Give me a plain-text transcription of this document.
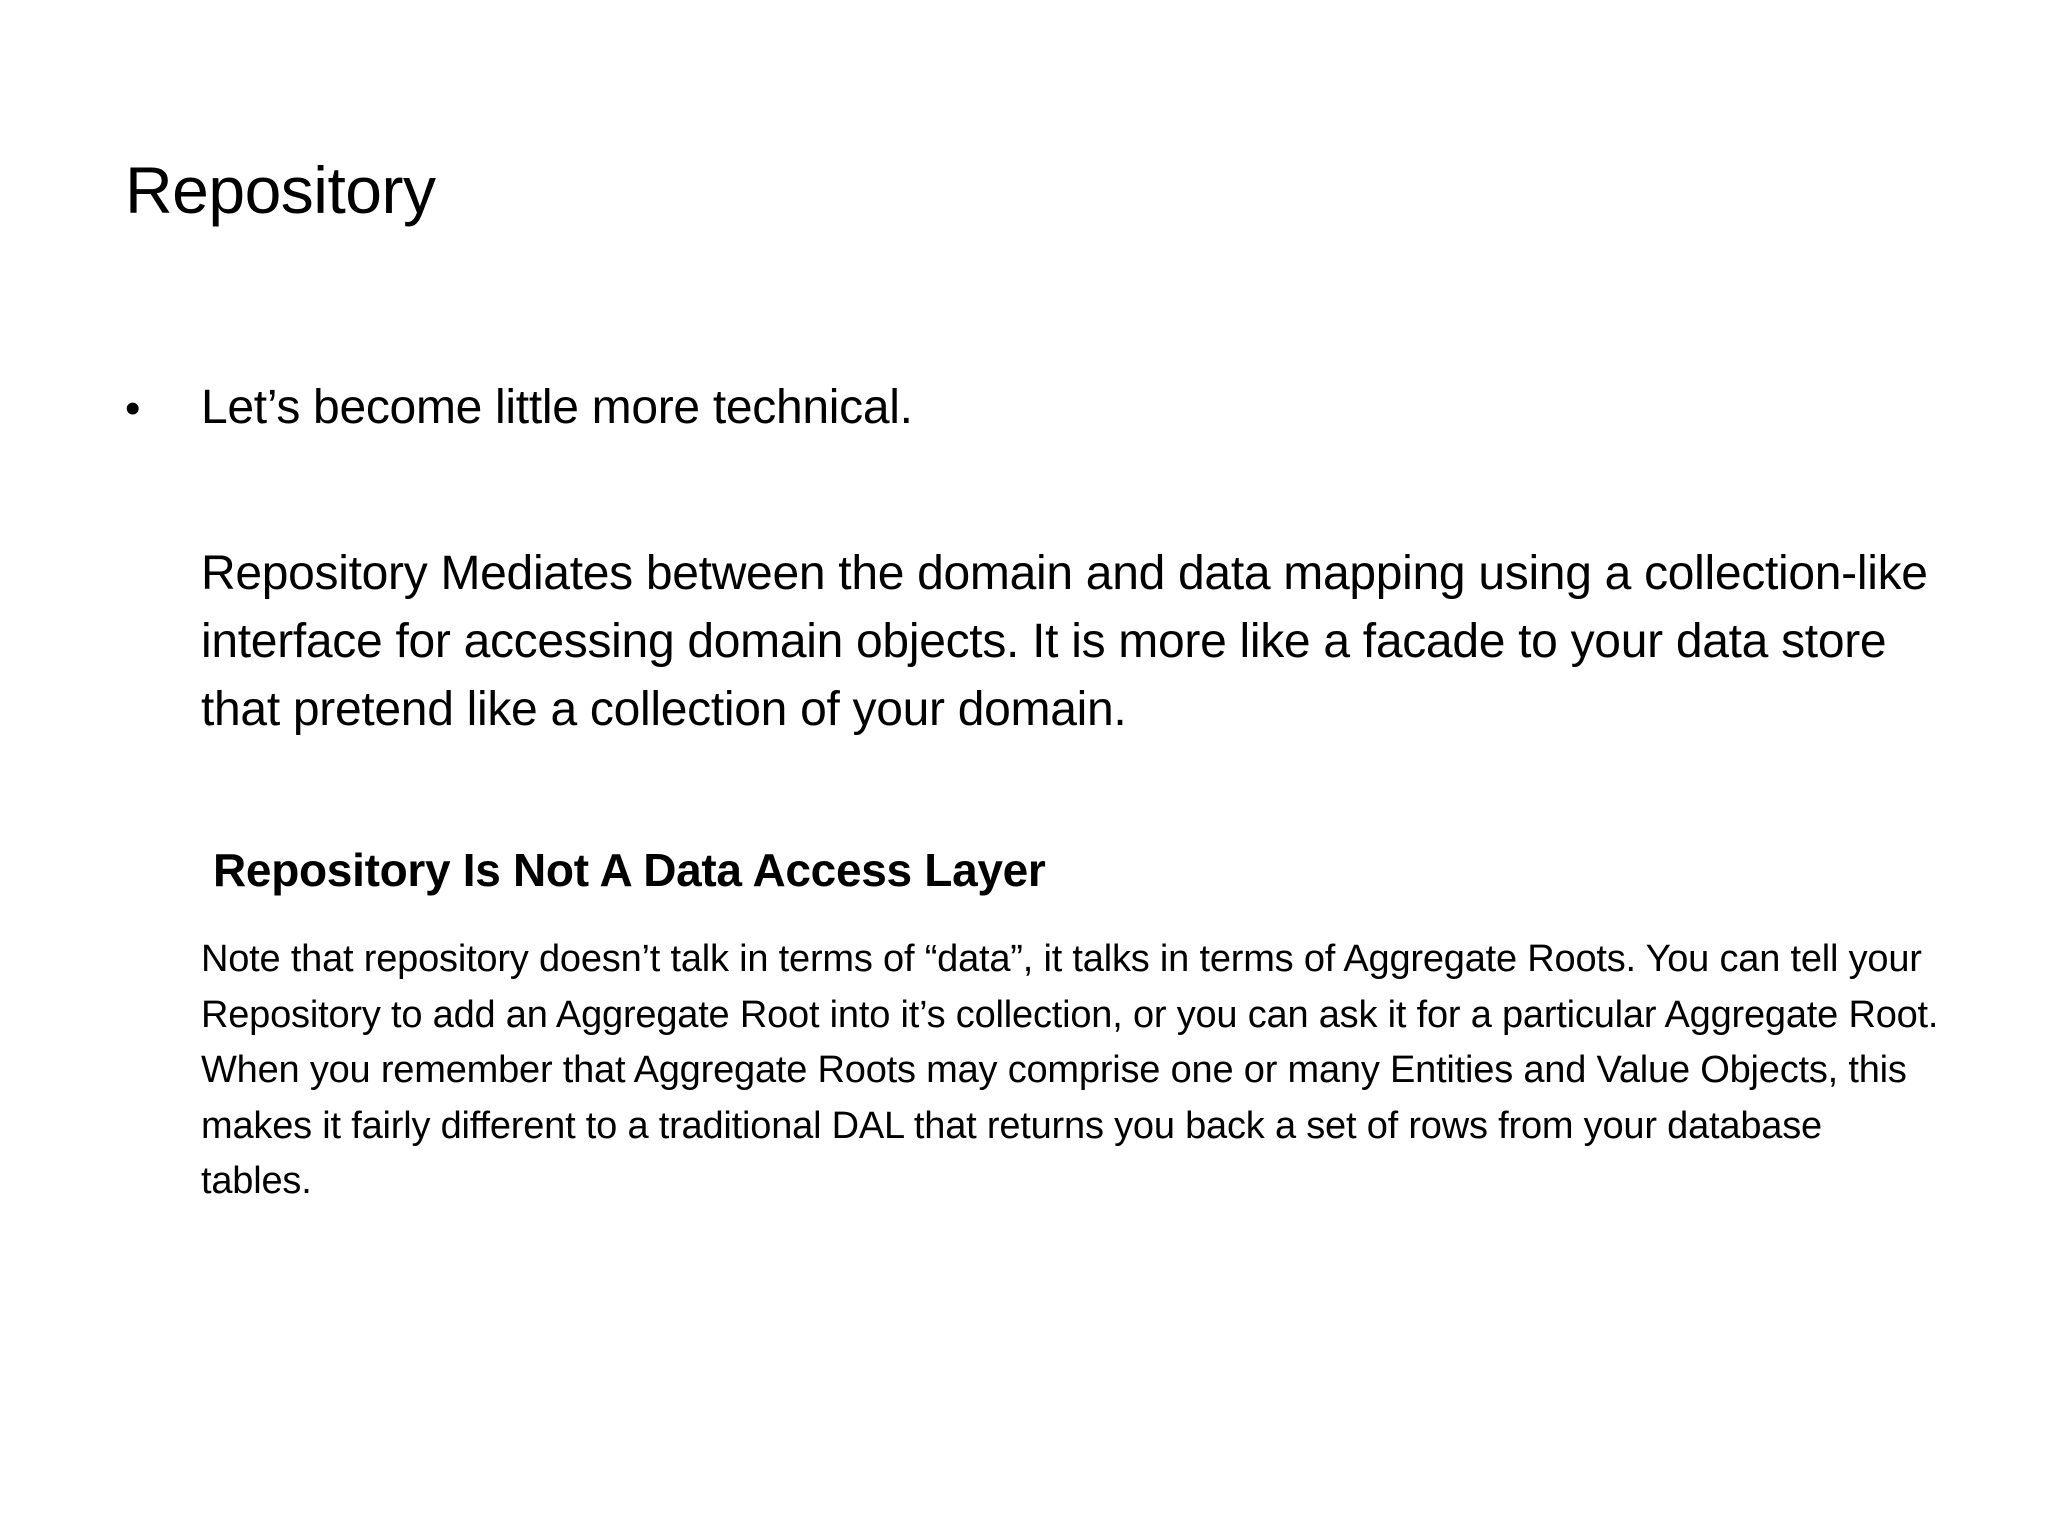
Repository
•	Let’s become little more technical.

Repository Mediates between the domain and data mapping using a collection-like interface for accessing domain objects. It is more like a facade to your data store that pretend like a collection of your domain.

Repository Is Not A Data Access Layer

Note that repository doesn’t talk in terms of “data”, it talks in terms of Aggregate Roots. You can tell your Repository to add an Aggregate Root into it’s collection, or you can ask it for a particular Aggregate Root. When you remember that Aggregate Roots may comprise one or many Entities and Value Objects, this makes it fairly different to a traditional DAL that returns you back a set of rows from your database tables.
